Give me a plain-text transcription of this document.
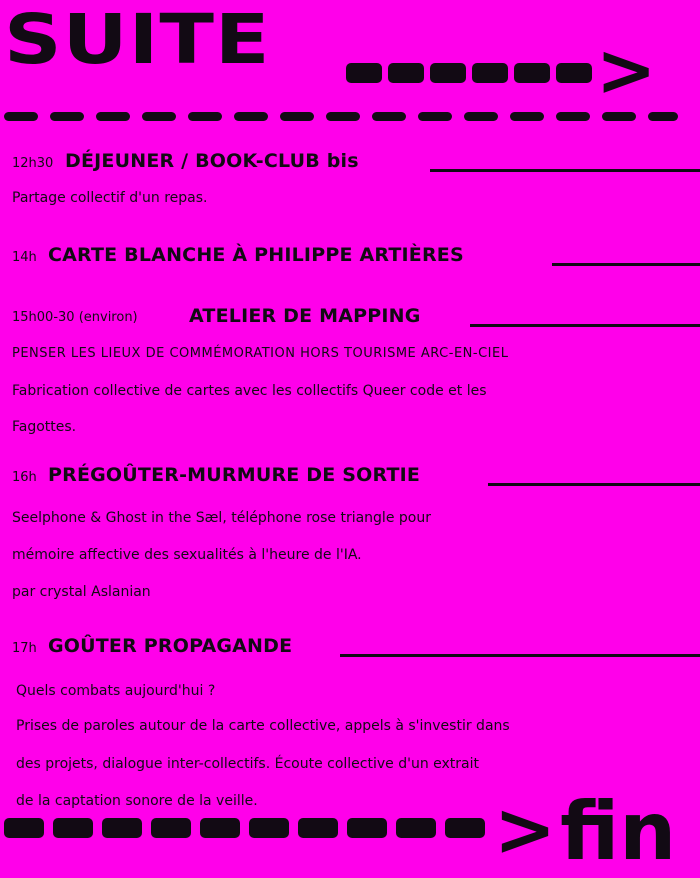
SUITE	>
12h30 DÉJEUNER / BOOK-CLUB bis
Partage collectif d'un repas.
14h CARTE BLANCHE À PHILIPPE ARTIÈRES
15h00-30 (environ)	ATELIER DE MAPPING
PENSER LES LIEUX DE COMMÉMORATION HORS TOURISME ARC-EN-CIEL
Fabrication collective de cartes avec les collectifs Queer code et les
Fagottes.
16h PRÉGOÛTER-MURMURE DE SORTIE
Seelphone & Ghost in the Sæl, téléphone rose triangle pour
mémoire affective des sexualités à l'heure de l'IA.
par crystal Aslanian
17h GOÛTER PROPAGANDE
Quels combats aujourd'hui ?
Prises de paroles autour de la carte collective, appels à s'investir dans
des projets, dialogue inter-collectifs. Écoute collective d'un extrait
de la captation sonore de la veille.	> fin
